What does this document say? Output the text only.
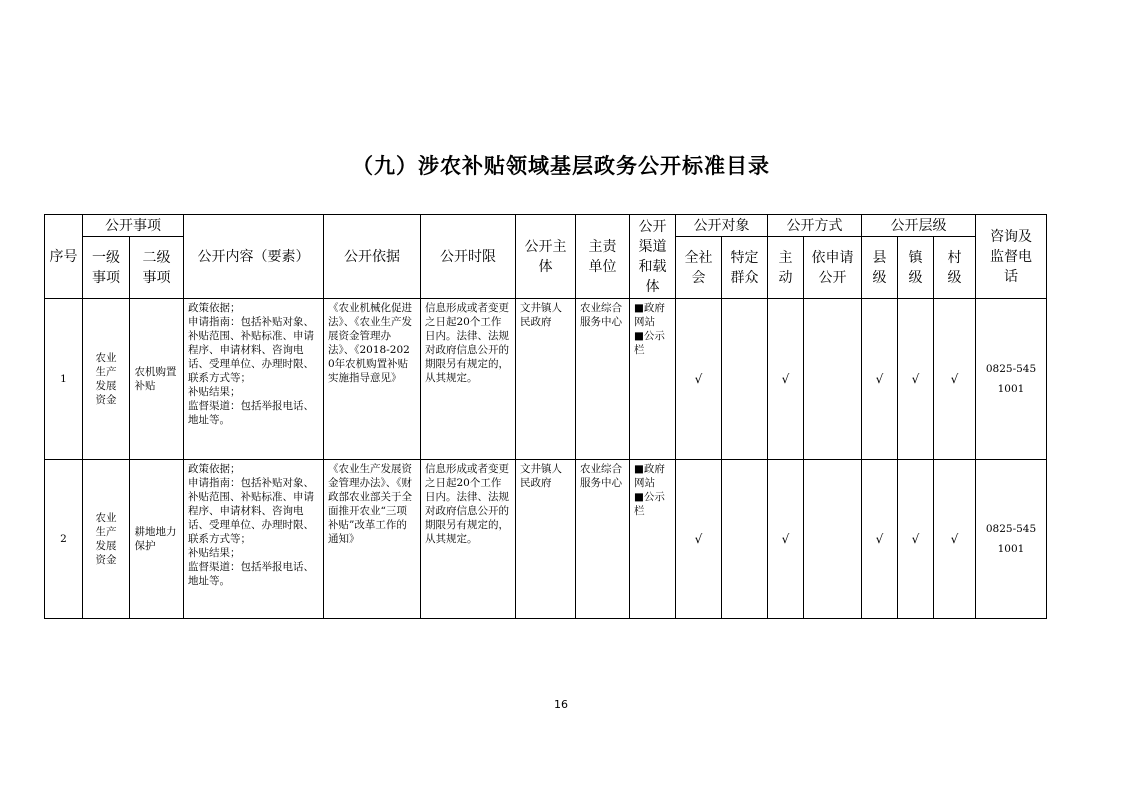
（九）涉农补贴领域基层政务公开标准目录
序号	公开事项		公开内容（要素）	公开依据	公开时限	公开主体	主责单位	公开渠道和载体	公开对象		公开方式		公开层级			咨询及监督电话

	一级事项	二级事项							全社会	特定群众	主动	依申请公开	县级	镇级	村级	

1	农业生产发展资金	农机购置补贴	政策依据；
申请指南：包括补贴对象、补贴范围、补贴标准、申请程序、申请材料、咨询电话、受理单位、办理时限、联系方式等；
补贴结果；
监督渠道：包括举报电话、地址等。	《农业机械化促进法》、《农业生产发展资金管理办法》、《2018-2020年农机购置补贴实施指导意见》	信息形成或者变更之日起20个工作日内。法律、法规对政府信息公开的期限另有规定的，从其规定。	文井镇人民政府	农业综合服务中心	■政府网站
■公示栏	√		√		√	√	√	0825-545
1001

2	农业生产发展资金	耕地地力保护	政策依据；
申请指南：包括补贴对象、补贴范围、补贴标准、申请程序、申请材料、咨询电话、受理单位、办理时限、联系方式等；
补贴结果；
监督渠道：包括举报电话、地址等。	《农业生产发展资金管理办法》、《财政部农业部关于全面推开农业“三项补贴”改革工作的通知》	信息形成或者变更之日起20个工作日内。法律、法规对政府信息公开的期限另有规定的，从其规定。	文井镇人民政府	农业综合服务中心	■政府网站
■公示栏	√		√		√	√	√	0825-545
1001
16
